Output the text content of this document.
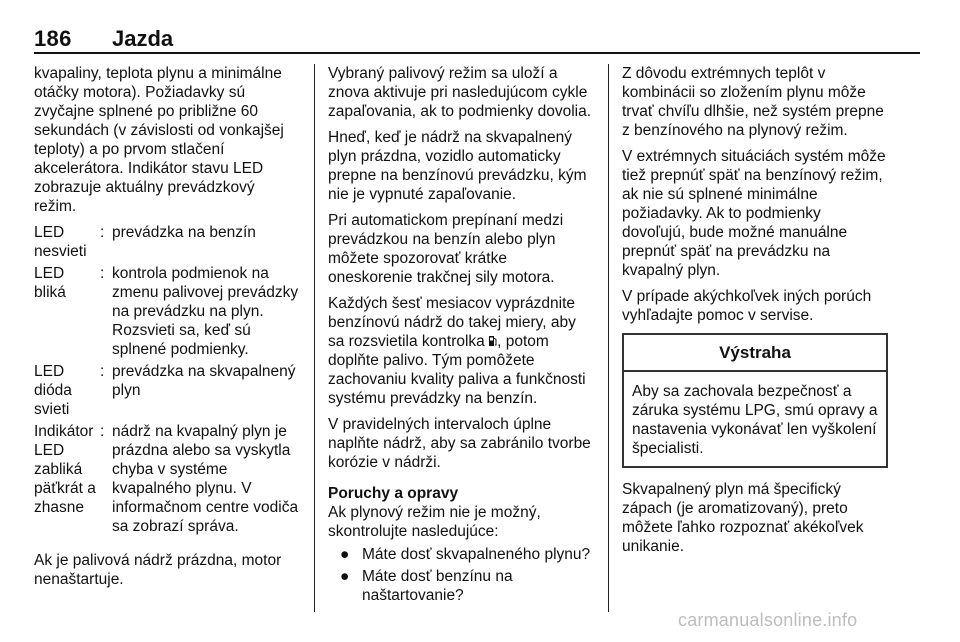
186 Jazda

kvapaliny, teplota plynu a minimálne otáčky motora). Požiadavky sú zvyčajne splnené po približne 60 sekundách (v závislosti od vonkajšej teploty) a po prvom stlačení akcelerátora. Indikátor stavu LED zobrazuje aktuálny prevádzkový režim.

LED nesvieti	:	prevádzka na benzín
LED bliká	:	kontrola podmienok na zmenu palivovej prevádzky na prevádzku na plyn. Rozsvieti sa, keď sú splnené podmienky.
LED dióda svieti	:	prevádzka na skvapalnený plyn
Indikátor LED zabliká päťkrát a zhasne	:	nádrž na kvapalný plyn je prázdna alebo sa vyskytla chyba v systéme kvapalného plynu. V informačnom centre vodiča sa zobrazí správa.

Ak je palivová nádrž prázdna, motor nenaštartuje.

Vybraný palivový režim sa uloží a znova aktivuje pri nasledujúcom cykle zapaľovania, ak to podmienky dovolia.

Hneď, keď je nádrž na skvapalnený plyn prázdna, vozidlo automaticky prepne na benzínovú prevádzku, kým nie je vypnuté zapaľovanie.

Pri automatickom prepínaní medzi prevádzkou na benzín alebo plyn môžete spozorovať krátke oneskorenie trakčnej sily motora.

Každých šesť mesiacov vyprázdnite benzínovú nádrž do takej miery, aby sa rozsvietila kontrolka , potom doplňte palivo. Tým pomôžete zachovaniu kvality paliva a funkčnosti systému prevádzky na benzín.

V pravidelných intervaloch úplne naplňte nádrž, aby sa zabránilo tvorbe korózie v nádrži.

Poruchy a opravy

Ak plynový režim nie je možný, skontrolujte nasledujúce:

● Máte dosť skvapalneného plynu?
● Máte dosť benzínu na naštartovanie?

Z dôvodu extrémnych teplôt v kombinácii so zložením plynu môže trvať chvíľu dlhšie, než systém prepne z benzínového na plynový režim.

V extrémnych situáciách systém môže tiež prepnúť späť na benzínový režim, ak nie sú splnené minimálne požiadavky. Ak to podmienky dovoľujú, bude možné manuálne prepnúť späť na prevádzku na kvapalný plyn.

V prípade akýchkoľvek iných porúch vyhľadajte pomoc v servise.

Výstraha
Aby sa zachovala bezpečnosť a záruka systému LPG, smú opravy a nastavenia vykonávať len vyškolení špecialisti.

Skvapalnený plyn má špecifický zápach (je aromatizovaný), preto môžete ľahko rozpoznať akékoľvek unikanie.

carmanualsonline.info
